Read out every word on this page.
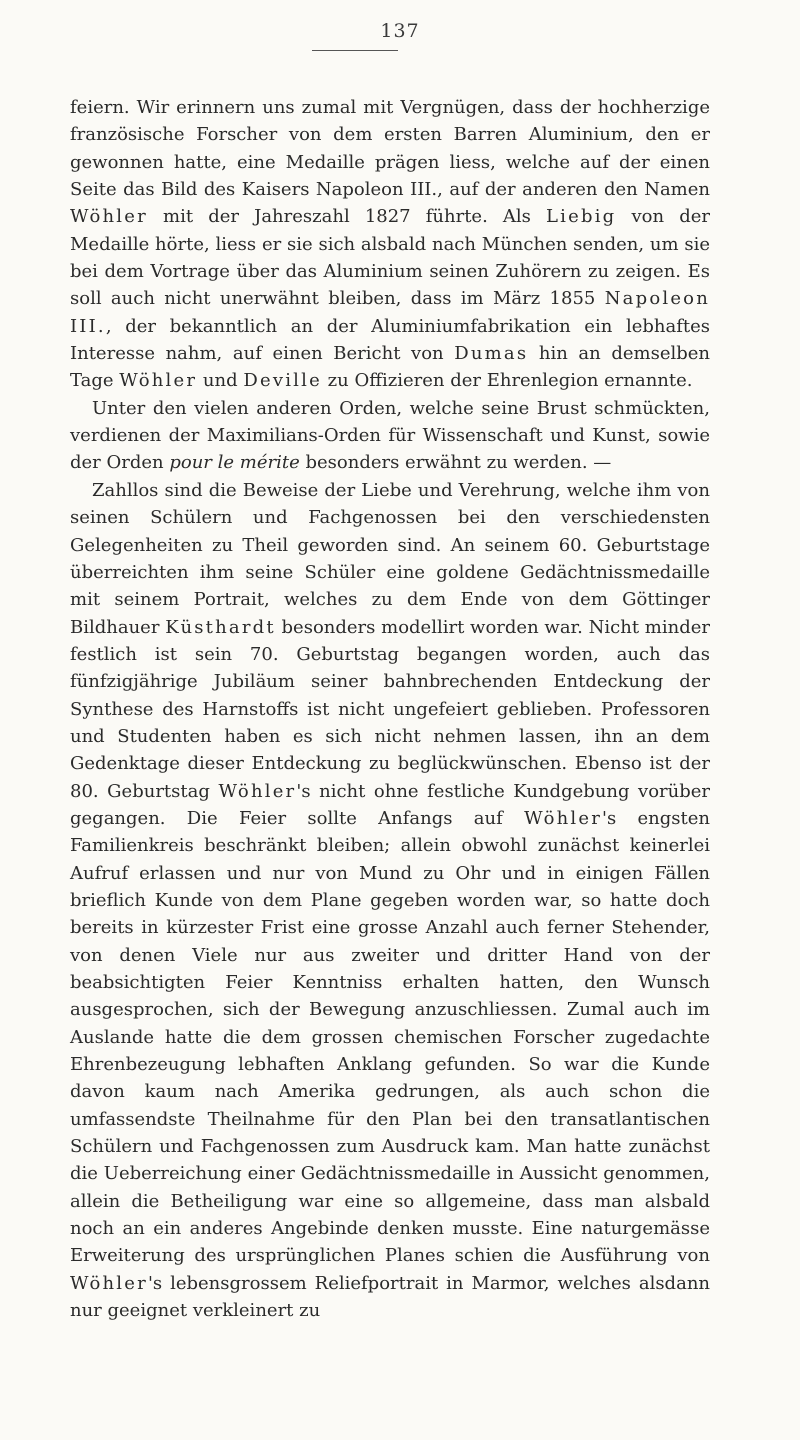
137

feiern. Wir erinnern uns zumal mit Vergnügen, dass der hochherzige französische Forscher von dem ersten Barren Aluminium, den er gewonnen hatte, eine Medaille prägen liess, welche auf der einen Seite das Bild des Kaisers Napoleon III., auf der anderen den Namen Wöhler mit der Jahreszahl 1827 führte. Als Liebig von der Medaille hörte, liess er sie sich alsbald nach München senden, um sie bei dem Vortrage über das Aluminium seinen Zuhörern zu zeigen. Es soll auch nicht unerwähnt bleiben, dass im März 1855 Napoleon III., der bekanntlich an der Aluminiumfabrikation ein lebhaftes Interesse nahm, auf einen Bericht von Dumas hin an demselben Tage Wöhler und Deville zu Offizieren der Ehrenlegion ernannte.

Unter den vielen anderen Orden, welche seine Brust schmückten, verdienen der Maximilians-Orden für Wissenschaft und Kunst, sowie der Orden pour le mérite besonders erwähnt zu werden. —

Zahllos sind die Beweise der Liebe und Verehrung, welche ihm von seinen Schülern und Fachgenossen bei den verschiedensten Gelegenheiten zu Theil geworden sind. An seinem 60. Geburtstage überreichten ihm seine Schüler eine goldene Gedächtnissmedaille mit seinem Portrait, welches zu dem Ende von dem Göttinger Bildhauer Küsthardt besonders modellirt worden war. Nicht minder festlich ist sein 70. Geburtstag begangen worden, auch das fünfzigjährige Jubiläum seiner bahnbrechenden Entdeckung der Synthese des Harnstoffs ist nicht ungefeiert geblieben. Professoren und Studenten haben es sich nicht nehmen lassen, ihn an dem Gedenktage dieser Entdeckung zu beglückwünschen. Ebenso ist der 80. Geburtstag Wöhler's nicht ohne festliche Kundgebung vorüber gegangen. Die Feier sollte Anfangs auf Wöhler's engsten Familienkreis beschränkt bleiben; allein obwohl zunächst keinerlei Aufruf erlassen und nur von Mund zu Ohr und in einigen Fällen brieflich Kunde von dem Plane gegeben worden war, so hatte doch bereits in kürzester Frist eine grosse Anzahl auch ferner Stehender, von denen Viele nur aus zweiter und dritter Hand von der beabsichtigten Feier Kenntniss erhalten hatten, den Wunsch ausgesprochen, sich der Bewegung anzuschliessen. Zumal auch im Auslande hatte die dem grossen chemischen Forscher zugedachte Ehrenbezeugung lebhaften Anklang gefunden. So war die Kunde davon kaum nach Amerika gedrungen, als auch schon die umfassendste Theilnahme für den Plan bei den transatlantischen Schülern und Fachgenossen zum Ausdruck kam. Man hatte zunächst die Ueberreichung einer Gedächtnissmedaille in Aussicht genommen, allein die Betheiligung war eine so allgemeine, dass man alsbald noch an ein anderes Angebinde denken musste. Eine naturgemässe Erweiterung des ursprünglichen Planes schien die Ausführung von Wöhler's lebensgrossem Reliefportrait in Marmor, welches alsdann nur geeignet verkleinert zu
